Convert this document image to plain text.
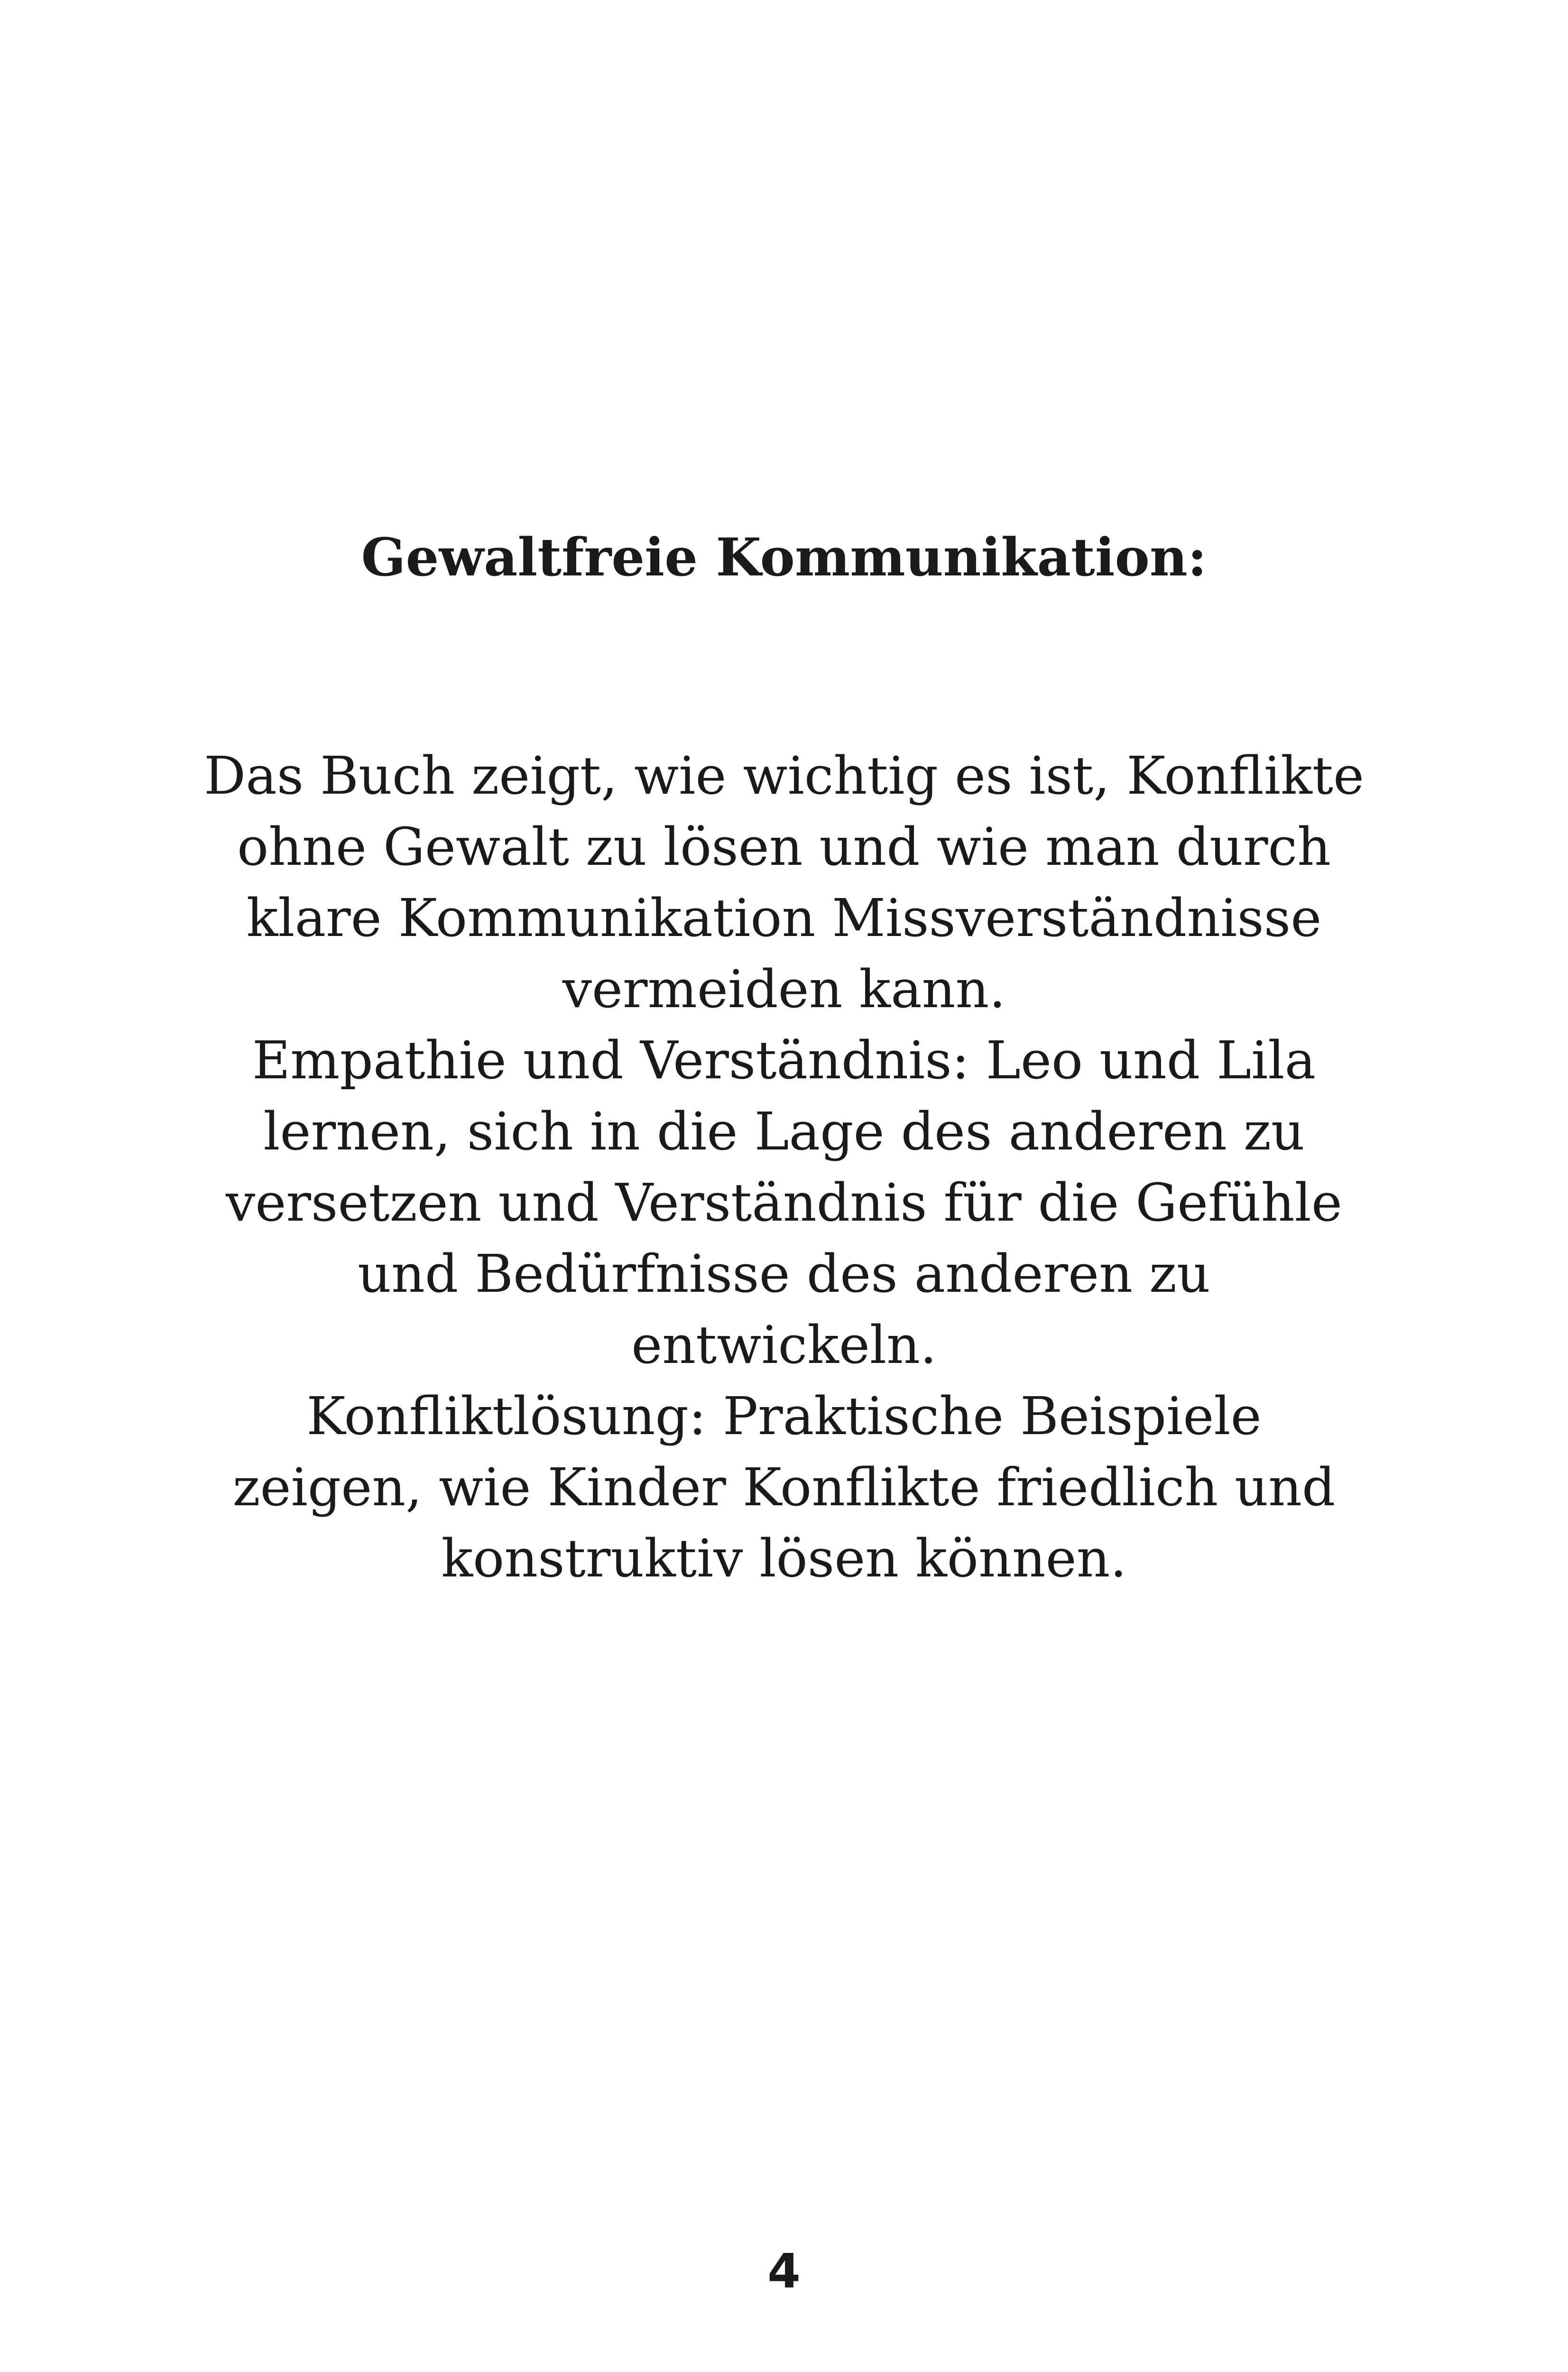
Gewaltfreie Kommunikation:

Das Buch zeigt, wie wichtig es ist, Konflikte
ohne Gewalt zu lösen und wie man durch
klare Kommunikation Missverständnisse
vermeiden kann.
Empathie und Verständnis: Leo und Lila
lernen, sich in die Lage des anderen zu
versetzen und Verständnis für die Gefühle
und Bedürfnisse des anderen zu
entwickeln.
Konfliktlösung: Praktische Beispiele
zeigen, wie Kinder Konflikte friedlich und
konstruktiv lösen können.

4
